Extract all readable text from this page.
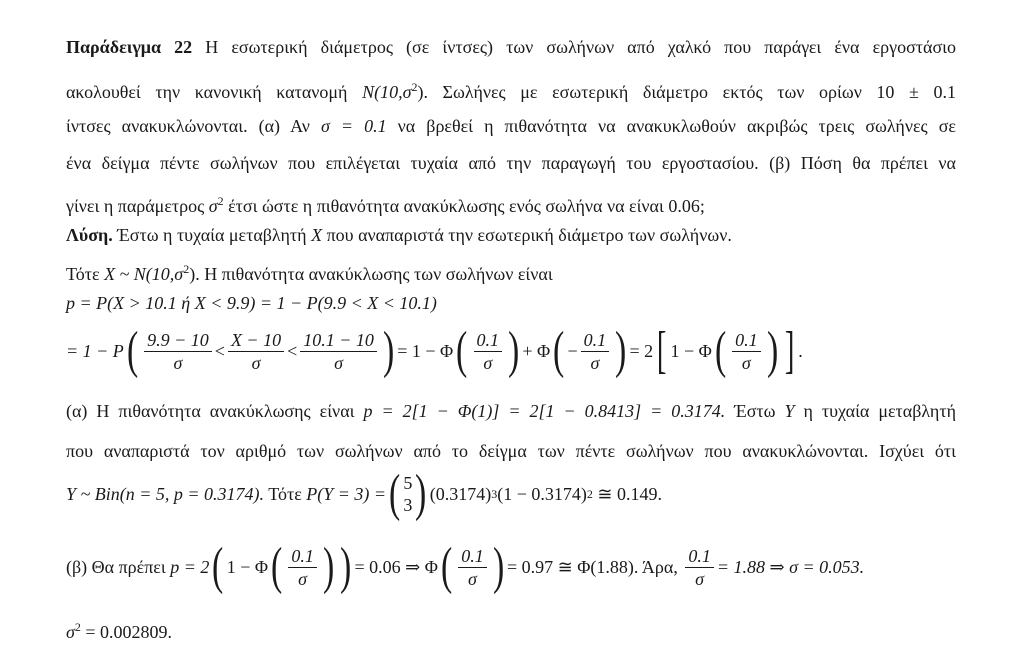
Παράδειγμα 22 Η εσωτερική διάμετρος (σε ίντσες) των σωλήνων από χαλκό που παράγει ένα εργοστάσιο
ακολουθεί την κανονική κατανομή $N(10,\sigma^2)$. Σωλήνες με εσωτερική διάμετρο εκτός των ορίων 10 ± 0.1
ίντσες ανακυκλώνονται. (α) Αν σ = 0.1 να βρεθεί η πιθανότητα να ανακυκλωθούν ακριβώς τρεις σωλήνες σε
ένα δείγμα πέντε σωλήνων που επιλέγεται τυχαία από την παραγωγή του εργοστασίου. (β) Πόση θα πρέπει να
γίνει η παράμετρος $\sigma^2$ έτσι ώστε η πιθανότητα ανακύκλωσης ενός σωλήνα να είναι 0.06;
Λύση. Έστω η τυχαία μεταβλητή X που αναπαριστά την εσωτερική διάμετρο των σωλήνων.
Τότε X ~ $N(10,\sigma^2)$. Η πιθανότητα ανακύκλωσης των σωλήνων είναι
p = P(X > 10.1 ή X < 9.9) = 1 − P(9.9 < X < 10.1)
= 1 − P ( $\frac{9.9 - 10}{\sigma} < \frac{X - 10}{\sigma} < \frac{10.1 - 10}{\sigma}$ ) = 1 − Φ ( $\frac{0.1}{\sigma}$ ) + Φ ( − $\frac{0.1}{\sigma}$ ) = 2 [ 1 − Φ ( $\frac{0.1}{\sigma}$ ) ] .
(α) Η πιθανότητα ανακύκλωσης είναι p = 2[1 − Φ(1)] = 2[1 − 0.8413] = 0.3174. Έστω Y η τυχαία μεταβλητή
που αναπαριστά τον αριθμό των σωλήνων από το δείγμα των πέντε σωλήνων που ανακυκλώνονται. Ισχύει ότι
Y ~ Bin(n = 5, p = 0.3174). Τότε P(Y = 3) = ( 5
3 ) (0.3174) 3 (1 − 0.3174) 2 ≅ 0.149.
(β) Θα πρέπει p = 2 ( 1 − Φ ( $\frac{0.1}{\sigma}$ ) ) = 0.06 ⇒ Φ ( $\frac{0.1}{\sigma}$ ) = 0.97 ≅ Φ(1.88). Άρα, $\frac{0.1}{\sigma} = 1.88$ ⇒ σ = 0.053.
$\sigma^2 = 0.002809$.
